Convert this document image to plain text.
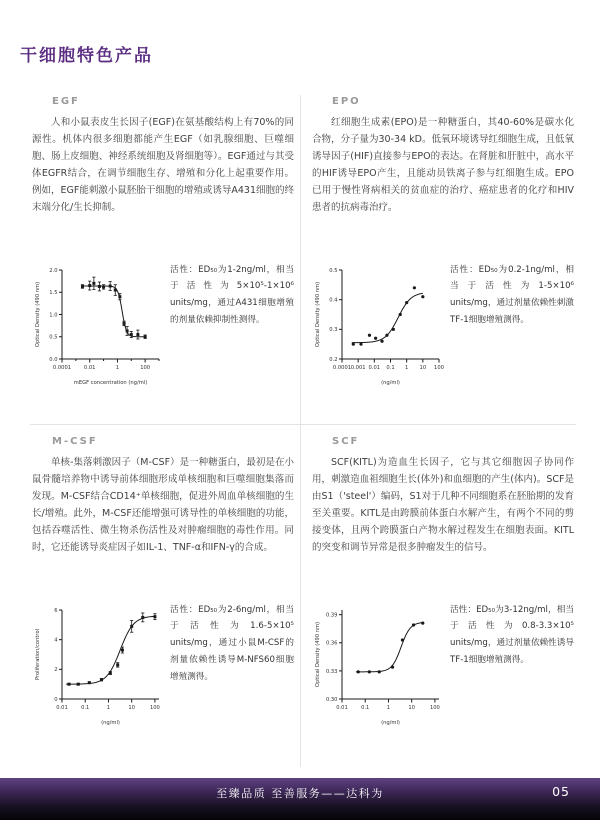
干细胞特色产品
EGF

人和小鼠表皮生长因子(EGF)在氨基酸结构上有70%的同源性。机体内很多细胞都能产生EGF（如乳腺细胞、巨噬细胞、肠上皮细胞、神经系统细胞及肾细胞等）。EGF通过与其受体EGFR结合，在调节细胞生存、增殖和分化上起重要作用。例如，EGF能刺激小鼠胚胎干细胞的增殖或诱导A431细胞的终末端分化/生长抑制。

0.0
0.5
1.0
1.5
2.0
0.0001 0.01	1	100
Optical Density (490 nm)
mEGF concentration (ng/ml)

活性：ED₅₀为1-2ng/ml，相当于活性为5×10⁵-1×10⁶ units/mg，通过A431细胞增殖的剂量依赖抑制性测得。

EPO

红细胞生成素(EPO)是一种糖蛋白，其40-60%是碳水化合物，分子量为30-34 kD。低氧环境诱导红细胞生成，且低氧诱导因子(HIF)直接参与EPO的表达。在肾脏和肝脏中，高水平的HIF诱导EPO产生，且能动员铁离子参与红细胞生成。EPO已用于慢性肾病相关的贫血症的治疗、癌症患者的化疗和HIV患者的抗病毒治疗。

0.2
0.3
0.4
0.5
0.0001 0.001 0.01 0.1 1 10 100
Optical Density (490 nm)
(ng/ml)

活性：ED₅₀为0.2-1ng/ml，相当于活性为1-5×10⁶ units/mg，通过剂量依赖性刺激TF-1细胞增殖测得。

M-CSF

单核-集落刺激因子（M-CSF）是一种糖蛋白，最初是在小鼠骨髓培养物中诱导前体细胞形成单核细胞和巨噬细胞集落而发现。M-CSF结合CD14⁺单核细胞，促进外周血单核细胞的生长/增殖。此外，M-CSF还能增强可诱导性的单核细胞的功能，包括吞噬活性、微生物杀伤活性及对肿瘤细胞的毒性作用。同时，它还能诱导炎症因子如IL-1、TNF-α和IFN-γ的合成。

0
2
4
6
0.01	0.1	1	10	100
Proliferation/control
(ng/ml)

活性：ED₅₀为2-6ng/ml，相当于活性为1.6-5×10⁵ units/mg，通过小鼠M-CSF的剂量依赖性诱导M-NFS60细胞增殖测得。

SCF

SCF(KITL)为造血生长因子，它与其它细胞因子协同作用，刺激造血祖细胞生长(体外)和血细胞的产生(体内)。SCF是由S1（'steel'）编码，S1对于几种不同细胞系在胚胎期的发育至关重要。KITL是由跨膜前体蛋白水解产生，有两个不同的剪接变体，且两个跨膜蛋白产物水解过程发生在细胞表面。KITL的突变和调节异常是很多肿瘤发生的信号。

0.30
0.33
0.36
0.39
0.01	0.1	1	10	100
Optical Density (490 nm)
(ng/ml)

活性：ED₅₀为3-12ng/ml，相当于活性为0.8-3.3×10⁵ units/mg，通过剂量依赖性诱导TF-1细胞增殖测得。

至臻品质 至善服务——达科为	05
